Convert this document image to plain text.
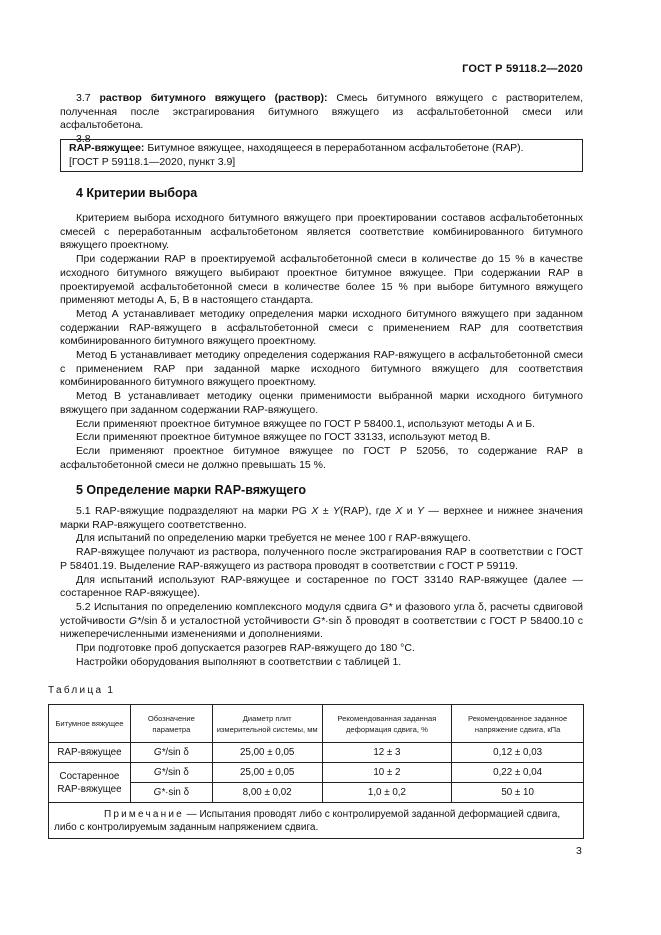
ГОСТ Р 59118.2—2020

3.7 раствор битумного вяжущего (раствор): Смесь битумного вяжущего с растворителем, полученная после экстрагирования битумного вяжущего из асфальтобетонной смеси или асфальтобетона.

3.8

RAP-вяжущее: Битумное вяжущее, находящееся в переработанном асфальтобетоне (RAP).
[ГОСТ Р 59118.1—2020, пункт 3.9]
4 Критерии выбора

Критерием выбора исходного битумного вяжущего при проектировании составов асфальтобетонных смесей с переработанным асфальтобетоном является соответствие комбинированного битумного вяжущего проектному.

При содержании RAP в проектируемой асфальтобетонной смеси в количестве до 15 % в качестве исходного битумного вяжущего выбирают проектное битумное вяжущее. При содержании RAP в проектируемой асфальтобетонной смеси в количестве более 15 % при выборе битумного вяжущего применяют методы А, Б, В в настоящего стандарта.

Метод А устанавливает методику определения марки исходного битумного вяжущего при заданном содержании RAP-вяжущего в асфальтобетонной смеси с применением RAP для соответствия комбинированного битумного вяжущего проектному.

Метод Б устанавливает методику определения содержания RAP-вяжущего в асфальтобетонной смеси с применением RAP при заданной марке исходного битумного вяжущего для соответствия комбинированного битумного вяжущего проектному.

Метод В устанавливает методику оценки применимости выбранной марки исходного битумного вяжущего при заданном содержании RAP-вяжущего.

Если применяют проектное битумное вяжущее по ГОСТ Р 58400.1, используют методы А и Б.

Если применяют проектное битумное вяжущее по ГОСТ 33133, используют метод В.

Если применяют проектное битумное вяжущее по ГОСТ Р 52056, то содержание RAP в асфальтобетонной смеси не должно превышать 15 %.

5 Определение марки RAP-вяжущего

5.1 RAP-вяжущие подразделяют на марки PG X ± Y(RAP), где X и Y — верхнее и нижнее значения марки RAP-вяжущего соответственно.

Для испытаний по определению марки требуется не менее 100 г RAP-вяжущего.

RAP-вяжущее получают из раствора, полученного после экстрагирования RAP в соответствии с ГОСТ Р 58401.19. Выделение RAP-вяжущего из раствора проводят в соответствии с ГОСТ Р 59119.

Для испытаний используют RAP-вяжущее и состаренное по ГОСТ 33140 RAP-вяжущее (далее — состаренное RAP-вяжущее).

5.2 Испытания по определению комплексного модуля сдвига G* и фазового угла δ, расчеты сдвиговой устойчивости G*/sin δ и усталостной устойчивости G*·sin δ проводят в соответствии с ГОСТ Р 58400.10 с нижеперечисленными изменениями и дополнениями.

При подготовке проб допускается разогрев RAP-вяжущего до 180 °С.

Настройки оборудования выполняют в соответствии с таблицей 1.

Таблица 1
Битумное вяжущее	Обозначение параметра	Диаметр плит измерительной системы, мм	Рекомендованная заданная деформация сдвига, %	Рекомендованное заданное напряжение сдвига, кПа
RAP-вяжущее	G*/sin δ	25,00 ± 0,05	12 ± 3	0,12 ± 0,03
Состаренное RAP-вяжущее	G*/sin δ	25,00 ± 0,05	10 ± 2	0,22 ± 0,04
	G*·sin δ	8,00 ± 0,02	1,0 ± 0,2	50 ± 10
Примечание — Испытания проводят либо с контролируемой заданной деформацией сдвига, либо с контролируемым заданным напряжением сдвига.				
3
